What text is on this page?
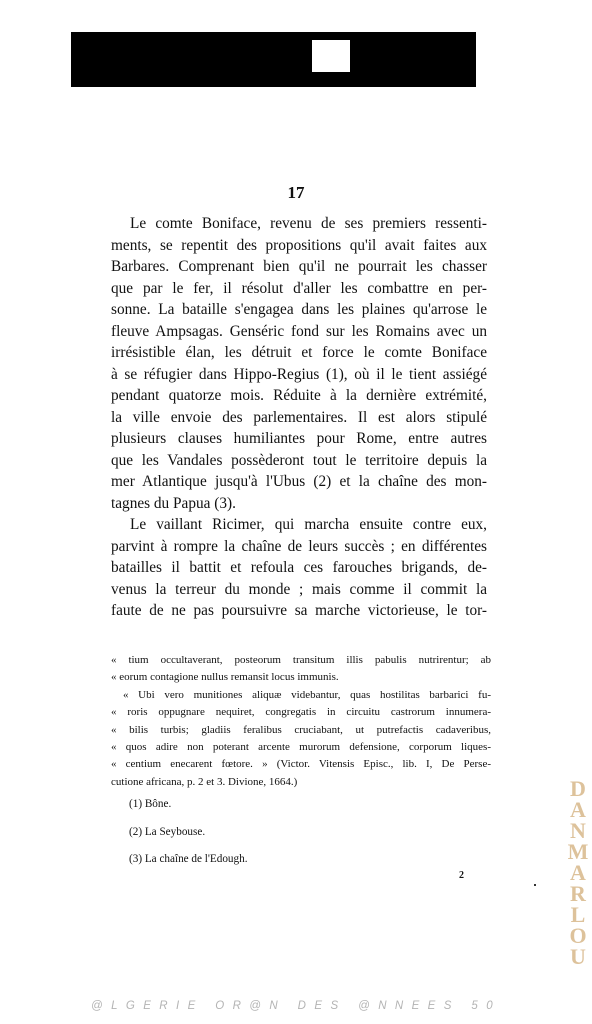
17
Le comte Boniface, revenu de ses premiers ressenti-
ments, se repentit des propositions qu'il avait faites aux
Barbares. Comprenant bien qu'il ne pourrait les chasser
que par le fer, il résolut d'aller les combattre en per-
sonne. La bataille s'engagea dans les plaines qu'arrose le
fleuve Ampsagas. Genséric fond sur les Romains avec un
irrésistible élan, les détruit et force le comte Boniface
à se réfugier dans Hippo-Regius (1), où il le tient assiégé
pendant quatorze mois. Réduite à la dernière extrémité,
la ville envoie des parlementaires. Il est alors stipulé
plusieurs clauses humiliantes pour Rome, entre autres
que les Vandales possèderont tout le territoire depuis la
mer Atlantique jusqu'à l'Ubus (2) et la chaîne des mon-
tagnes du Papua (3).
Le vaillant Ricimer, qui marcha ensuite contre eux,
parvint à rompre la chaîne de leurs succès ; en différentes
batailles il battit et refoula ces farouches brigands, de-
venus la terreur du monde ; mais comme il commit la
faute de ne pas poursuivre sa marche victorieuse, le tor-
« tium occultaverant, posteorum transitum illis pabulis nutrirentur; ab
« eorum contagione nullus remansit locus immunis.
« Ubi vero munitiones aliquæ videbantur, quas hostilitas barbarici fu-
« roris oppugnare nequiret, congregatis in circuitu castrorum innumera-
« bilis turbis; gladiis feralibus cruciabant, ut putrefactis cadaveribus,
« quos adire non poterant arcente murorum defensione, corporum liques-
« centium enecarent fœtore. » (Victor. Vitensis Episc., lib. I, De Perse-
cutione africana, p. 2 et 3. Divione, 1664.)
(1) Bône.
(2) La Seybouse.
(3) La chaîne de l'Edough.
2
D
A
N
M
A
R
L
O
U
@LGERIE OR@N DES @NNEES 50
